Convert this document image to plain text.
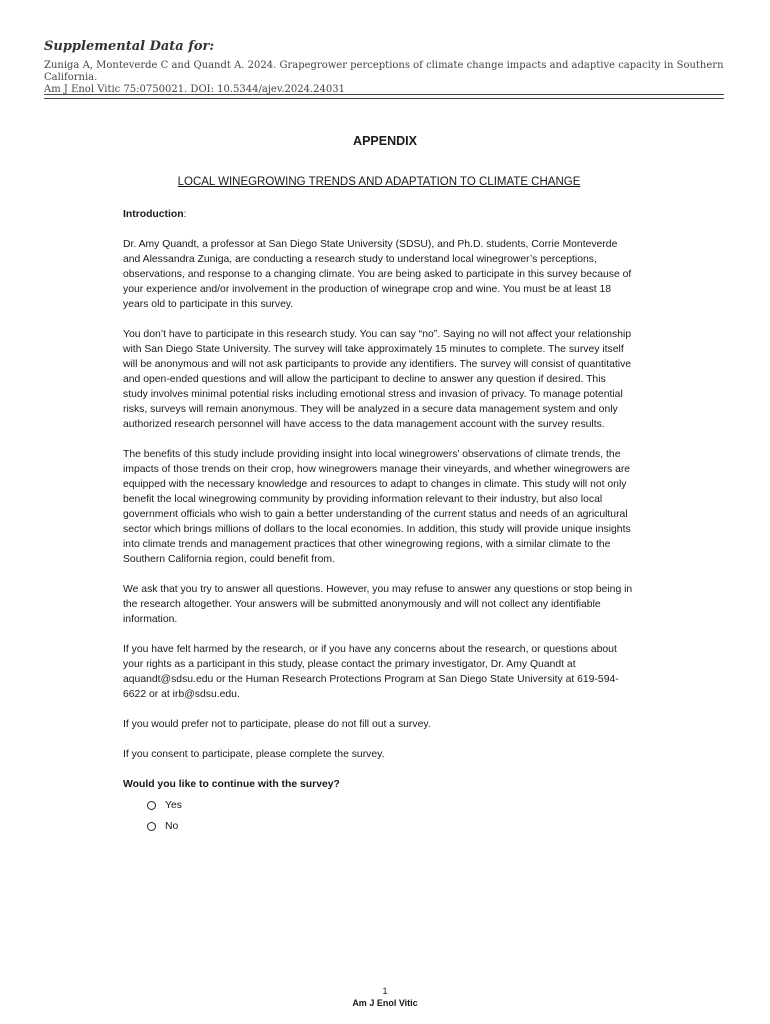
Supplemental Data for:
Zuniga A, Monteverde C and Quandt A. 2024. Grapegrower perceptions of climate change impacts and adaptive capacity in Southern California.
Am J Enol Vitic 75:0750021. DOI: 10.5344/ajev.2024.24031
APPENDIX
LOCAL WINEGROWING TRENDS AND ADAPTATION TO CLIMATE CHANGE

Introduction:

Dr. Amy Quandt, a professor at San Diego State University (SDSU), and Ph.D. students, Corrie Monteverde and Alessandra Zuniga, are conducting a research study to understand local winegrower’s perceptions, observations, and response to a changing climate. You are being asked to participate in this survey because of your experience and/or involvement in the production of winegrape crop and wine. You must be at least 18 years old to participate in this survey.

You don’t have to participate in this research study. You can say “no”. Saying no will not affect your relationship with San Diego State University. The survey will take approximately 15 minutes to complete. The survey itself will be anonymous and will not ask participants to provide any identifiers. The survey will consist of quantitative and open-ended questions and will allow the participant to decline to answer any question if desired. This study involves minimal potential risks including emotional stress and invasion of privacy. To manage potential risks, surveys will remain anonymous. They will be analyzed in a secure data management system and only authorized research personnel will have access to the data management account with the survey results.

The benefits of this study include providing insight into local winegrowers’ observations of climate trends, the impacts of those trends on their crop, how winegrowers manage their vineyards, and whether winegrowers are equipped with the necessary knowledge and resources to adapt to changes in climate. This study will not only benefit the local winegrowing community by providing information relevant to their industry, but also local government officials who wish to gain a better understanding of the current status and needs of an agricultural sector which brings millions of dollars to the local economies. In addition, this study will provide unique insights into climate trends and management practices that other winegrowing regions, with a similar climate to the Southern California region, could benefit from.

We ask that you try to answer all questions. However, you may refuse to answer any questions or stop being in the research altogether. Your answers will be submitted anonymously and will not collect any identifiable information.

If you have felt harmed by the research, or if you have any concerns about the research, or questions about your rights as a participant in this study, please contact the primary investigator, Dr. Amy Quandt at aquandt@sdsu.edu or the Human Research Protections Program at San Diego State University at 619-594-6622 or at irb@sdsu.edu.

If you would prefer not to participate, please do not fill out a survey.

If you consent to participate, please complete the survey.

Would you like to continue with the survey?

Yes
No
1
Am J Enol Vitic
